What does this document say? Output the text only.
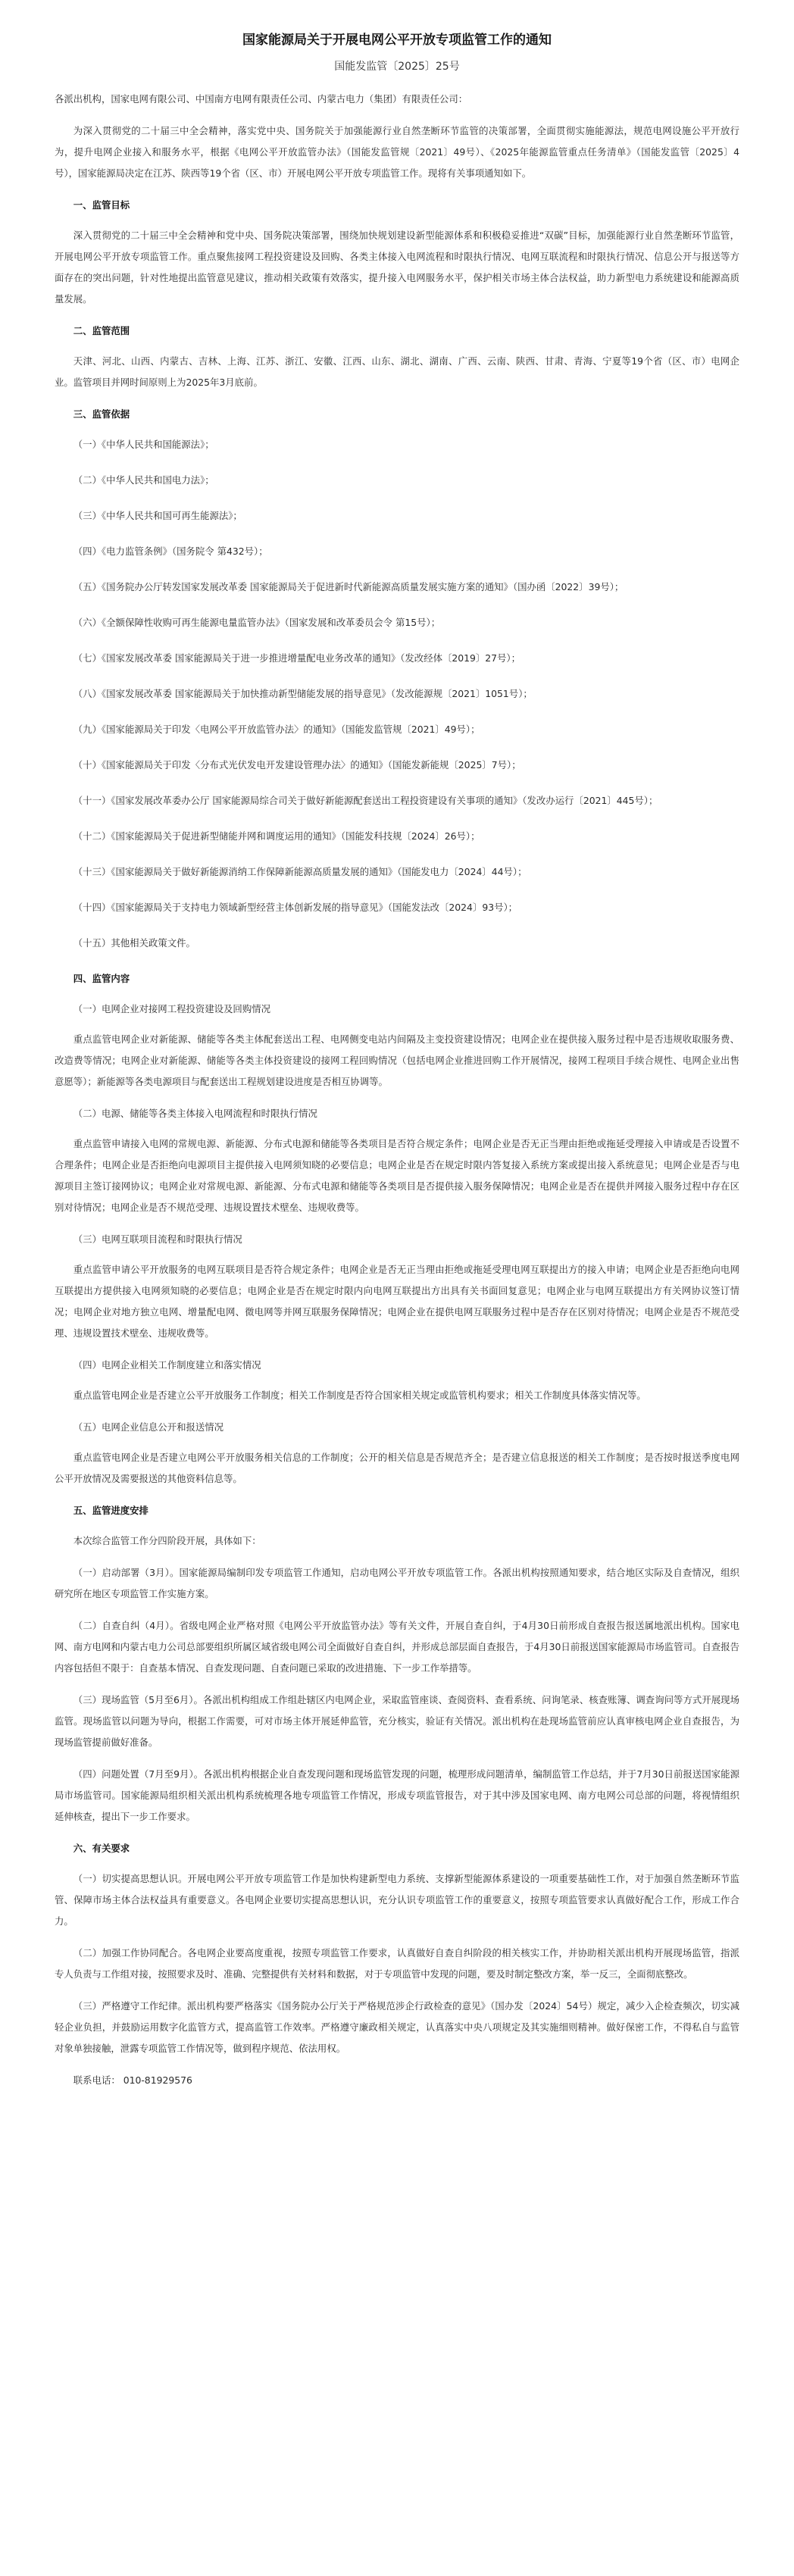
国家能源局关于开展电网公平开放专项监管工作的通知
国能发监管〔2025〕25号

各派出机构，国家电网有限公司、中国南方电网有限责任公司、内蒙古电力（集团）有限责任公司：

为深入贯彻党的二十届三中全会精神，落实党中央、国务院关于加强能源行业自然垄断环节监管的决策部署，全面贯彻实施能源法，规范电网设施公平开放行为，提升电网企业接入和服务水平，根据《电网公平开放监管办法》（国能发监管规〔2021〕49号）、《2025年能源监管重点任务清单》（国能发监管〔2025〕4号），国家能源局决定在江苏、陕西等19个省（区、市）开展电网公平开放专项监管工作。现将有关事项通知如下。

一、监管目标

深入贯彻党的二十届三中全会精神和党中央、国务院决策部署，围绕加快规划建设新型能源体系和积极稳妥推进“双碳”目标，加强能源行业自然垄断环节监管，开展电网公平开放专项监管工作。重点聚焦接网工程投资建设及回购、各类主体接入电网流程和时限执行情况、电网互联流程和时限执行情况、信息公开与报送等方面存在的突出问题，针对性地提出监管意见建议，推动相关政策有效落实，提升接入电网服务水平，保护相关市场主体合法权益，助力新型电力系统建设和能源高质量发展。

二、监管范围

天津、河北、山西、内蒙古、吉林、上海、江苏、浙江、安徽、江西、山东、湖北、湖南、广西、云南、陕西、甘肃、青海、宁夏等19个省（区、市）电网企业。监管项目并网时间原则上为2025年3月底前。

三、监管依据

（一）《中华人民共和国能源法》；

（二）《中华人民共和国电力法》；

（三）《中华人民共和国可再生能源法》；

（四）《电力监管条例》（国务院令 第432号）；

（五）《国务院办公厅转发国家发展改革委 国家能源局关于促进新时代新能源高质量发展实施方案的通知》（国办函〔2022〕39号）；

（六）《全额保障性收购可再生能源电量监管办法》（国家发展和改革委员会令 第15号）；

（七）《国家发展改革委 国家能源局关于进一步推进增量配电业务改革的通知》（发改经体〔2019〕27号）；

（八）《国家发展改革委 国家能源局关于加快推动新型储能发展的指导意见》（发改能源规〔2021〕1051号）；

（九）《国家能源局关于印发〈电网公平开放监管办法〉的通知》（国能发监管规〔2021〕49号）；

（十）《国家能源局关于印发〈分布式光伏发电开发建设管理办法〉的通知》（国能发新能规〔2025〕7号）；

（十一）《国家发展改革委办公厅 国家能源局综合司关于做好新能源配套送出工程投资建设有关事项的通知》（发改办运行〔2021〕445号）；

（十二）《国家能源局关于促进新型储能并网和调度运用的通知》（国能发科技规〔2024〕26号）；

（十三）《国家能源局关于做好新能源消纳工作保障新能源高质量发展的通知》（国能发电力〔2024〕44号）；

（十四）《国家能源局关于支持电力领域新型经营主体创新发展的指导意见》（国能发法改〔2024〕93号）；

（十五）其他相关政策文件。

四、监管内容

（一）电网企业对接网工程投资建设及回购情况

重点监管电网企业对新能源、储能等各类主体配套送出工程、电网侧变电站内间隔及主变投资建设情况；电网企业在提供接入服务过程中是否违规收取服务费、改造费等情况；电网企业对新能源、储能等各类主体投资建设的接网工程回购情况（包括电网企业推进回购工作开展情况，接网工程项目手续合规性、电网企业出售意愿等）；新能源等各类电源项目与配套送出工程规划建设进度是否相互协调等。

（二）电源、储能等各类主体接入电网流程和时限执行情况

重点监管申请接入电网的常规电源、新能源、分布式电源和储能等各类项目是否符合规定条件；电网企业是否无正当理由拒绝或拖延受理接入申请或是否设置不合理条件；电网企业是否拒绝向电源项目主提供接入电网须知晓的必要信息；电网企业是否在规定时限内答复接入系统方案或提出接入系统意见；电网企业是否与电源项目主签订接网协议；电网企业对常规电源、新能源、分布式电源和储能等各类项目是否提供接入服务保障情况；电网企业是否在提供并网接入服务过程中存在区别对待情况；电网企业是否不规范受理、违规设置技术壁垒、违规收费等。

（三）电网互联项目流程和时限执行情况

重点监管申请公平开放服务的电网互联项目是否符合规定条件；电网企业是否无正当理由拒绝或拖延受理电网互联提出方的接入申请；电网企业是否拒绝向电网互联提出方提供接入电网须知晓的必要信息；电网企业是否在规定时限内向电网互联提出方出具有关书面回复意见；电网企业与电网互联提出方有关网协议签订情况；电网企业对地方独立电网、增量配电网、微电网等并网互联服务保障情况；电网企业在提供电网互联服务过程中是否存在区别对待情况；电网企业是否不规范受理、违规设置技术壁垒、违规收费等。

（四）电网企业相关工作制度建立和落实情况

重点监管电网企业是否建立公平开放服务工作制度；相关工作制度是否符合国家相关规定或监管机构要求；相关工作制度具体落实情况等。

（五）电网企业信息公开和报送情况

重点监管电网企业是否建立电网公平开放服务相关信息的工作制度；公开的相关信息是否规范齐全；是否建立信息报送的相关工作制度；是否按时报送季度电网公平开放情况及需要报送的其他资料信息等。

五、监管进度安排

本次综合监管工作分四阶段开展，具体如下：

（一）启动部署（3月）。国家能源局编制印发专项监管工作通知，启动电网公平开放专项监管工作。各派出机构按照通知要求，结合地区实际及自查情况，组织研究所在地区专项监管工作实施方案。

（二）自查自纠（4月）。省级电网企业严格对照《电网公平开放监管办法》等有关文件，开展自查自纠，于4月30日前形成自查报告报送属地派出机构。国家电网、南方电网和内蒙古电力公司总部要组织所属区域省级电网公司全面做好自查自纠，并形成总部层面自查报告，于4月30日前报送国家能源局市场监管司。自查报告内容包括但不限于：自查基本情况、自查发现问题、自查问题已采取的改进措施、下一步工作举措等。

（三）现场监管（5月至6月）。各派出机构组成工作组赴辖区内电网企业，采取监管座谈、查阅资料、查看系统、问询笔录、核查账簿、调查询问等方式开展现场监管。现场监管以问题为导向，根据工作需要，可对市场主体开展延伸监管，充分核实，验证有关情况。派出机构在赴现场监管前应认真审核电网企业自查报告，为现场监管提前做好准备。

（四）问题处置（7月至9月）。各派出机构根据企业自查发现问题和现场监管发现的问题，梳理形成问题清单，编制监管工作总结，并于7月30日前报送国家能源局市场监管司。国家能源局组织相关派出机构系统梳理各地专项监管工作情况，形成专项监管报告，对于其中涉及国家电网、南方电网公司总部的问题，将视情组织延伸核查，提出下一步工作要求。

六、有关要求

（一）切实提高思想认识。开展电网公平开放专项监管工作是加快构建新型电力系统、支撑新型能源体系建设的一项重要基础性工作，对于加强自然垄断环节监管、保障市场主体合法权益具有重要意义。各电网企业要切实提高思想认识，充分认识专项监管工作的重要意义，按照专项监管要求认真做好配合工作，形成工作合力。

（二）加强工作协同配合。各电网企业要高度重视，按照专项监管工作要求，认真做好自查自纠阶段的相关核实工作，并协助相关派出机构开展现场监管，指派专人负责与工作组对接，按照要求及时、准确、完整提供有关材料和数据，对于专项监管中发现的问题，要及时制定整改方案，举一反三，全面彻底整改。

（三）严格遵守工作纪律。派出机构要严格落实《国务院办公厅关于严格规范涉企行政检查的意见》（国办发〔2024〕54号）规定，减少入企检查频次，切实减轻企业负担，并鼓励运用数字化监管方式，提高监管工作效率。严格遵守廉政相关规定，认真落实中央八项规定及其实施细则精神。做好保密工作，不得私自与监管对象单独接触，泄露专项监管工作情况等，做到程序规范、依法用权。

联系电话： 010-81929576
